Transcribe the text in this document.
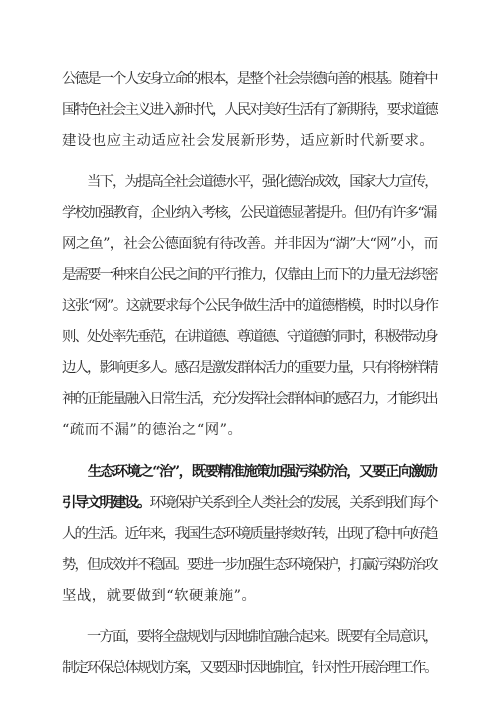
公德是一个人安身立命的根本，是整个社会崇德向善的根基。随着中
国特色社会主义进入新时代，人民对美好生活有了新期待，要求道德
建设也应主动适应社会发展新形势，适应新时代新要求。

　　当下，为提高全社会道德水平，强化德治成效，国家大力宣传，
学校加强教育，企业纳入考核，公民道德显著提升。但仍有许多“漏
网之鱼”，社会公德面貌有待改善。并非因为“湖”大“网”小，而
是需要一种来自公民之间的平行推力，仅靠由上而下的力量无法织密
这张“网”。这就要求每个公民争做生活中的道德楷模，时时以身作
则、处处率先垂范，在讲道德、尊道德、守道德的同时，积极带动身
边人，影响更多人。感召是激发群体活力的重要力量，只有将榜样精
神的正能量融入日常生活，充分发挥社会群体间的感召力，才能织出
“疏而不漏”的德治之“网”。

　　生态环境之“治”，既要精准施策加强污染防治，又要正向激励
引导文明建设。环境保护关系到全人类社会的发展，关系到我们每个
人的生活。近年来，我国生态环境质量持续好转，出现了稳中向好趋
势，但成效并不稳固。要进一步加强生态环境保护，打赢污染防治攻
坚战，就要做到“软硬兼施”。

　　一方面，要将全盘规划与因地制宜融合起来。既要有全局意识，
制定环保总体规划方案，又要因时因地制宜，针对性开展治理工作。
